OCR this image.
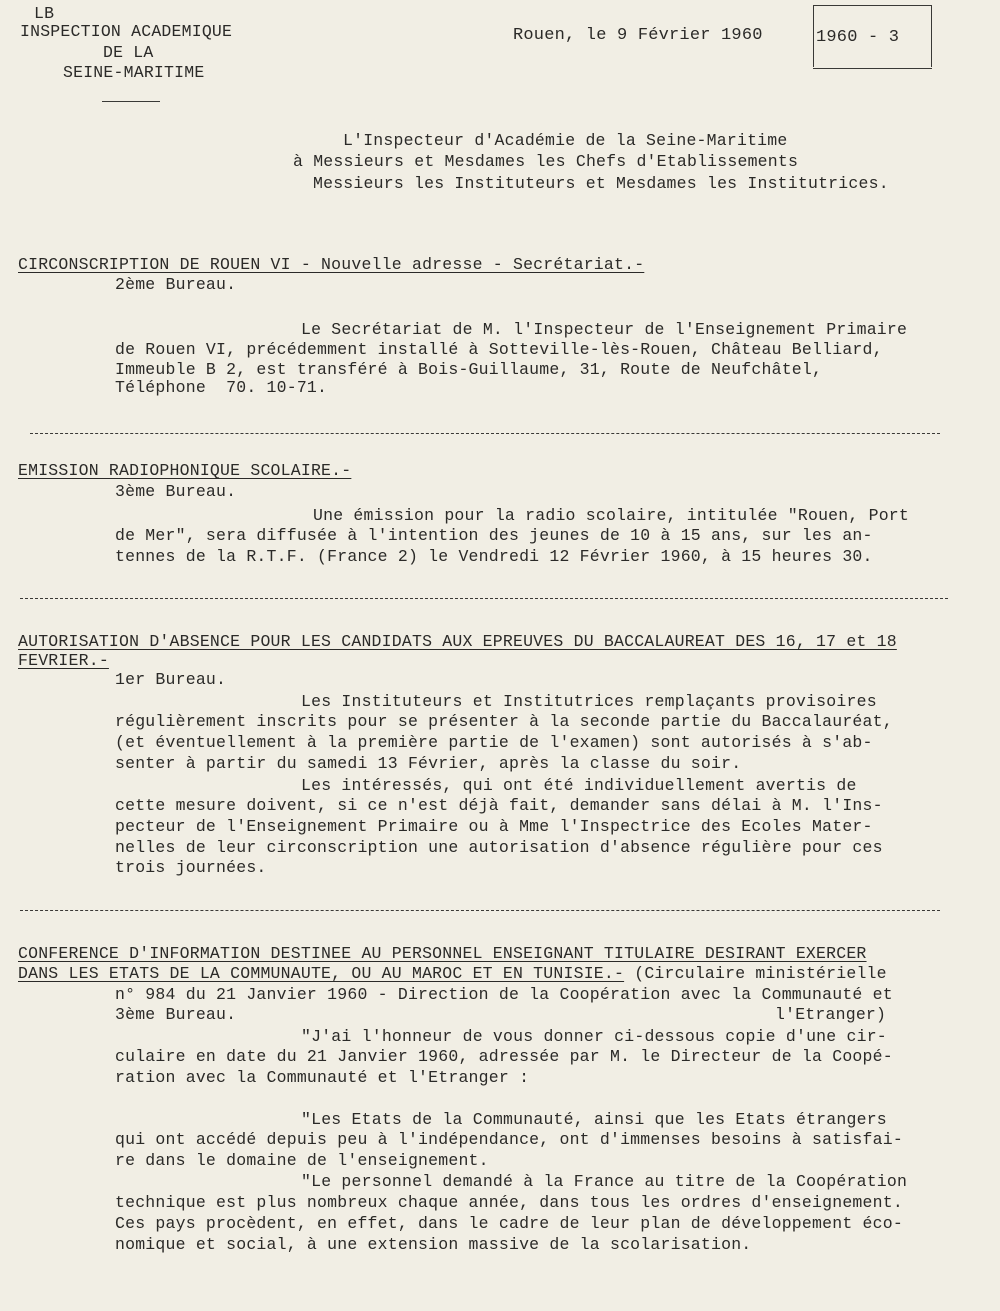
LB
INSPECTION ACADEMIQUE
DE LA
SEINE-MARITIME
Rouen, le 9 Février 1960	1960 - 3
L'Inspecteur d'Académie de la Seine-Maritime
à Messieurs et Mesdames les Chefs d'Etablissements
Messieurs les Instituteurs et Mesdames les Institutrices.
CIRCONSCRIPTION DE ROUEN VI - Nouvelle adresse - Secrétariat.-
2ème Bureau.
Le Secrétariat de M. l'Inspecteur de l'Enseignement Primaire
de Rouen VI, précédemment installé à Sotteville-lès-Rouen, Château Belliard,
Immeuble B 2, est transféré à Bois-Guillaume, 31, Route de Neufchâtel,
Téléphone  70. 10-71.
EMISSION RADIOPHONIQUE SCOLAIRE.-
3ème Bureau.
Une émission pour la radio scolaire, intitulée "Rouen, Port
de Mer", sera diffusée à l'intention des jeunes de 10 à 15 ans, sur les an-
tennes de la R.T.F. (France 2) le Vendredi 12 Février 1960, à 15 heures 30.
AUTORISATION D'ABSENCE POUR LES CANDIDATS AUX EPREUVES DU BACCALAUREAT DES 16, 17 et 18
FEVRIER.-
1er Bureau.
Les Instituteurs et Institutrices remplaçants provisoires
régulièrement inscrits pour se présenter à la seconde partie du Baccalauréat,
(et éventuellement à la première partie de l'examen) sont autorisés à s'ab-
senter à partir du samedi 13 Février, après la classe du soir.
Les intéressés, qui ont été individuellement avertis de
cette mesure doivent, si ce n'est déjà fait, demander sans délai à M. l'Ins-
pecteur de l'Enseignement Primaire ou à Mme l'Inspectrice des Ecoles Mater-
nelles de leur circonscription une autorisation d'absence régulière pour ces
trois journées.
CONFERENCE D'INFORMATION DESTINEE AU PERSONNEL ENSEIGNANT TITULAIRE DESIRANT EXERCER
DANS LES ETATS DE LA COMMUNAUTE, OU AU MAROC ET EN TUNISIE.- (Circulaire ministérielle
n° 984 du 21 Janvier 1960 - Direction de la Coopération avec la Communauté et
3ème Bureau.	l'Etranger)
"J'ai l'honneur de vous donner ci-dessous copie d'une cir-
culaire en date du 21 Janvier 1960, adressée par M. le Directeur de la Coopé-
ration avec la Communauté et l'Etranger :
"Les Etats de la Communauté, ainsi que les Etats étrangers
qui ont accédé depuis peu à l'indépendance, ont d'immenses besoins à satisfai-
re dans le domaine de l'enseignement.
"Le personnel demandé à la France au titre de la Coopération
technique est plus nombreux chaque année, dans tous les ordres d'enseignement.
Ces pays procèdent, en effet, dans le cadre de leur plan de développement éco-
nomique et social, à une extension massive de la scolarisation.
